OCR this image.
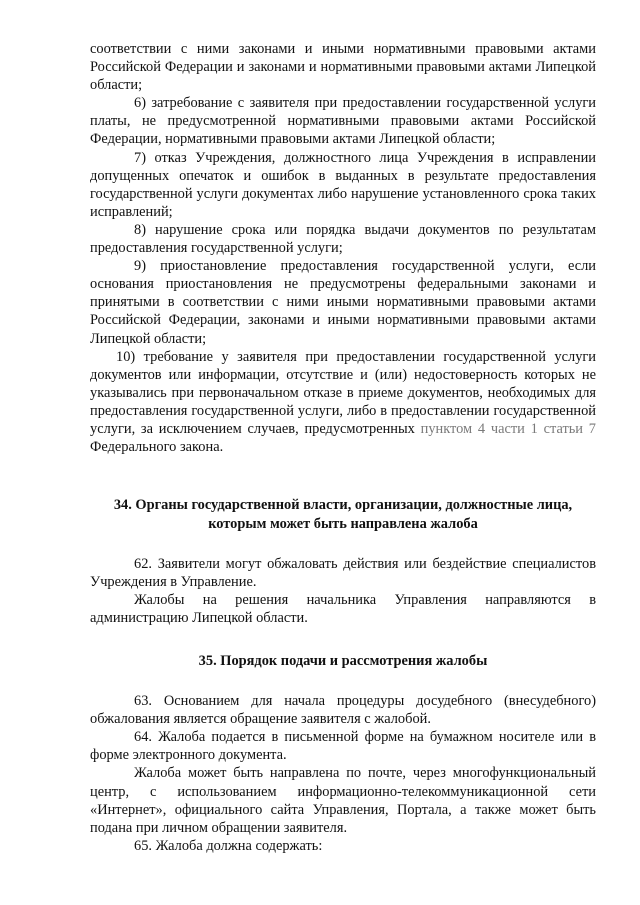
соответствии с ними законами и иными нормативными правовыми актами Российской Федерации и законами и нормативными правовыми актами Липецкой области;

6) затребование с заявителя при предоставлении государственной услуги платы, не предусмотренной нормативными правовыми актами Российской Федерации, нормативными правовыми актами Липецкой области;

7) отказ Учреждения, должностного лица Учреждения в исправлении допущенных опечаток и ошибок в выданных в результате предоставления государственной услуги документах либо нарушение установленного срока таких исправлений;

8) нарушение срока или порядка выдачи документов по результатам предоставления государственной услуги;

9) приостановление предоставления государственной услуги, если основания приостановления не предусмотрены федеральными законами и принятыми в соответствии с ними иными нормативными правовыми актами Российской Федерации, законами и иными нормативными правовыми актами Липецкой области;

10) требование у заявителя при предоставлении государственной услуги документов или информации, отсутствие и (или) недостоверность которых не указывались при первоначальном отказе в приеме документов, необходимых для предоставления государственной услуги, либо в предоставлении государственной услуги, за исключением случаев, предусмотренных пунктом 4 части 1 статьи 7 Федерального закона.

34. Органы государственной власти, организации, должностные лица, которым может быть направлена жалоба

62. Заявители могут обжаловать действия или бездействие специалистов Учреждения в Управление.

Жалобы на решения начальника Управления направляются в администрацию Липецкой области.

35. Порядок подачи и рассмотрения жалобы

63. Основанием для начала процедуры досудебного (внесудебного) обжалования является обращение заявителя с жалобой.

64. Жалоба подается в письменной форме на бумажном носителе или в форме электронного документа.

Жалоба может быть направлена по почте, через многофункциональный центр, с использованием информационно-телекоммуникационной сети «Интернет», официального сайта Управления, Портала, а также может быть подана при личном обращении заявителя.

65. Жалоба должна содержать:
